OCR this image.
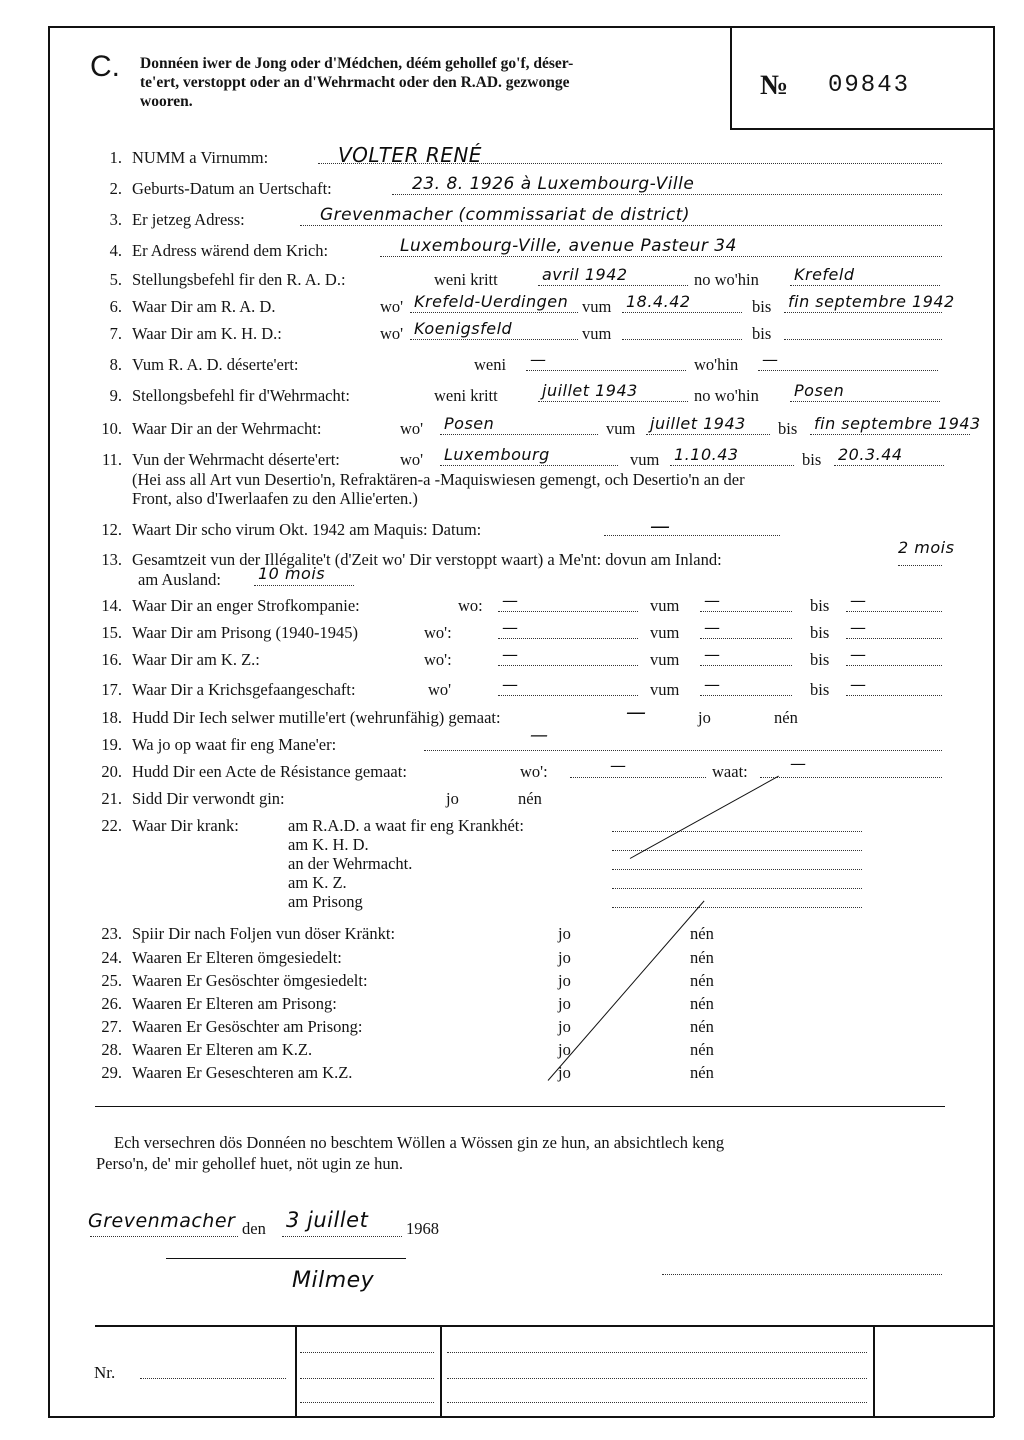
C. Donnéen iwer de Jong oder d'Médchen, déém gehollef go'f, déser-
te'ert, verstoppt oder an d'Wehrmacht oder den R.AD. gezwonge
wooren.
№ 09843
1. NUMM a Virnumm:	VOLTER RENÉ
2. Geburts-Datum an Uertschaft:	23. 8. 1926 à Luxembourg-Ville
3. Er jetzeg Adress:	Grevenmacher (commissariat de district)
4. Er Adress wärend dem Krich:	Luxembourg-Ville, avenue Pasteur 34
5. Stellungsbefehl fir den R. A. D.:	weni kritt	avril 1942	no wo'hin Krefeld
6. Waar Dir am R. A. D.	wo' Krefeld-Uerdingen vum 18.4.42	bis fin septembre 1942
7. Waar Dir am K. H. D.:	wo' Koenigsfeld	vum	bis
8. Vum R. A. D. déserte'ert:	weni —	wo'hin —
9. Stellongsbefehl fir d'Wehrmacht:	weni kritt	juillet 1943	no wo'hin Posen
10. Waar Dir an der Wehrmacht:	wo' Posen	vum juillet 1943 bis fin septembre 1943
11. Vun der Wehrmacht déserte'ert:	wo' Luxembourg	vum 1.10.43	bis 20.3.44
(Hei ass all Art vun Desertio'n, Refraktären-a -Maquiswiesen gemengt, och Desertio'n an der
Front, also d'Iwerlaafen zu den Allie'erten.)
12. Waart Dir scho virum Okt. 1942 am Maquis: Datum:	—
13. Gesamtzeit vun der Illégalite't (d'Zeit wo' Dir verstoppt waart) a Me'nt: dovun am Inland:
2 mois
am Ausland: 10 mois
14. Waar Dir an enger Strofkompanie:	wo: —	vum —	bis —
15. Waar Dir am Prisong (1940-1945)	wo':	—	vum —	bis —
16. Waar Dir am K. Z.:	wo':	—	vum —	bis —
17. Waar Dir a Krichsgefaangeschaft:	wo'	—	vum —	bis —
18. Hudd Dir Iech selwer mutille'ert (wehrunfähig) gemaat:	—	jo	nén
19. Wa jo op waat fir eng Mane'er:	—
20. Hudd Dir een Acte de Résistance gemaat:	wo':	—	waat:	—
21. Sidd Dir verwondt gin:	jo	nén
22. Waar Dir krank:	am R.A.D. a waat fir eng Krankhét:
am K. H. D.
an der Wehrmacht.
am K. Z.
am Prisong
23. Spiir Dir nach Foljen vun döser Kränkt:	jo	nén
24. Waaren Er Elteren ömgesiedelt:	jo	nén
25. Waaren Er Gesöschter ömgesiedelt:	jo	nén
26. Waaren Er Elteren am Prisong:	jo	nén
27. Waaren Er Gesöschter am Prisong:	jo	nén
28. Waaren Er Elteren am K.Z.	jo	nén
29. Waaren Er Geseschteren am K.Z.	jo	nén
Ech versechren dös Donnéen no beschtem Wöllen a Wössen gin ze hun, an absichtlech keng
Perso'n, de' mir gehollef huet, nöt ugin ze hun.
Grevenmacher den 3 juillet 1968
Milmey
Nr.
